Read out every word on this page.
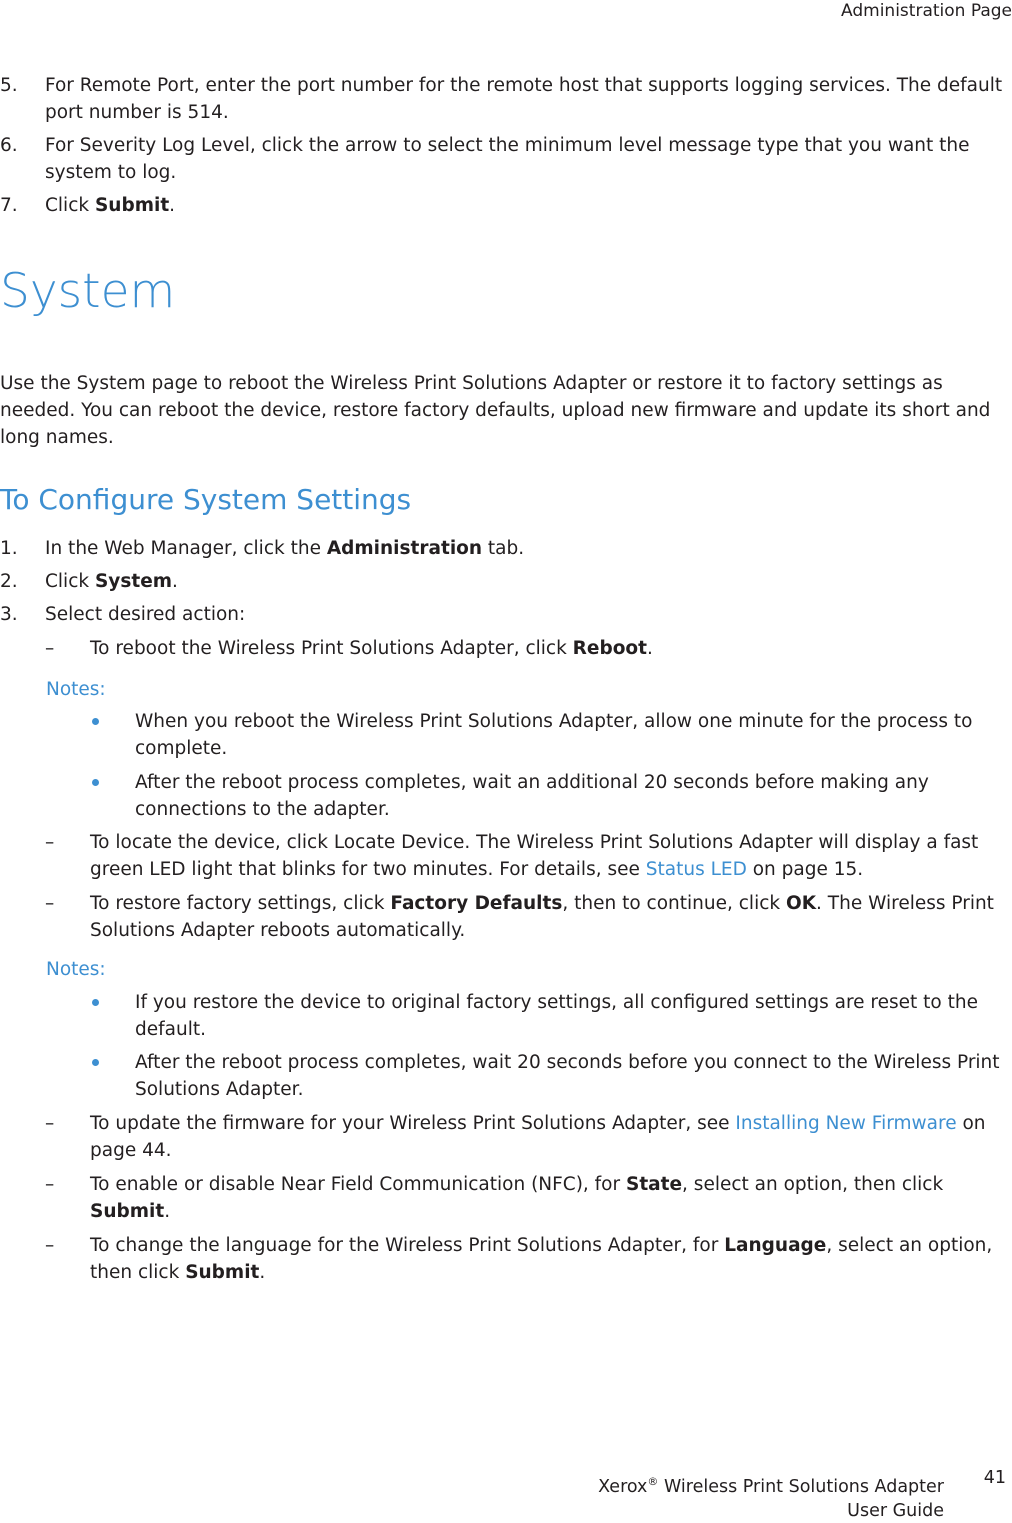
Administration Page
5. For Remote Port, enter the port number for the remote host that supports logging services. The default
port number is 514.
6. For Severity Log Level, click the arrow to select the minimum level message type that you want the
system to log.
7. Click Submit.
System
Use the System page to reboot the Wireless Print Solutions Adapter or restore it to factory settings as
needed. You can reboot the device, restore factory defaults, upload new firmware and update its short and
long names.
To Configure System Settings
1. In the Web Manager, click the Administration tab.
2. Click System.
3. Select desired action:
– To reboot the Wireless Print Solutions Adapter, click Reboot.
Notes:
When you reboot the Wireless Print Solutions Adapter, allow one minute for the process to
complete.
After the reboot process completes, wait an additional 20 seconds before making any
connections to the adapter.
– To locate the device, click Locate Device. The Wireless Print Solutions Adapter will display a fast
green LED light that blinks for two minutes. For details, see Status LED on page 15.
– To restore factory settings, click Factory Defaults, then to continue, click OK. The Wireless Print
Solutions Adapter reboots automatically.
Notes:
If you restore the device to original factory settings, all configured settings are reset to the
default.
After the reboot process completes, wait 20 seconds before you connect to the Wireless Print
Solutions Adapter.
– To update the firmware for your Wireless Print Solutions Adapter, see Installing New Firmware on
page 44.
– To enable or disable Near Field Communication (NFC), for State, select an option, then click
Submit.
– To change the language for the Wireless Print Solutions Adapter, for Language, select an option,
then click Submit.
Xerox® Wireless Print Solutions Adapter
User Guide
41
